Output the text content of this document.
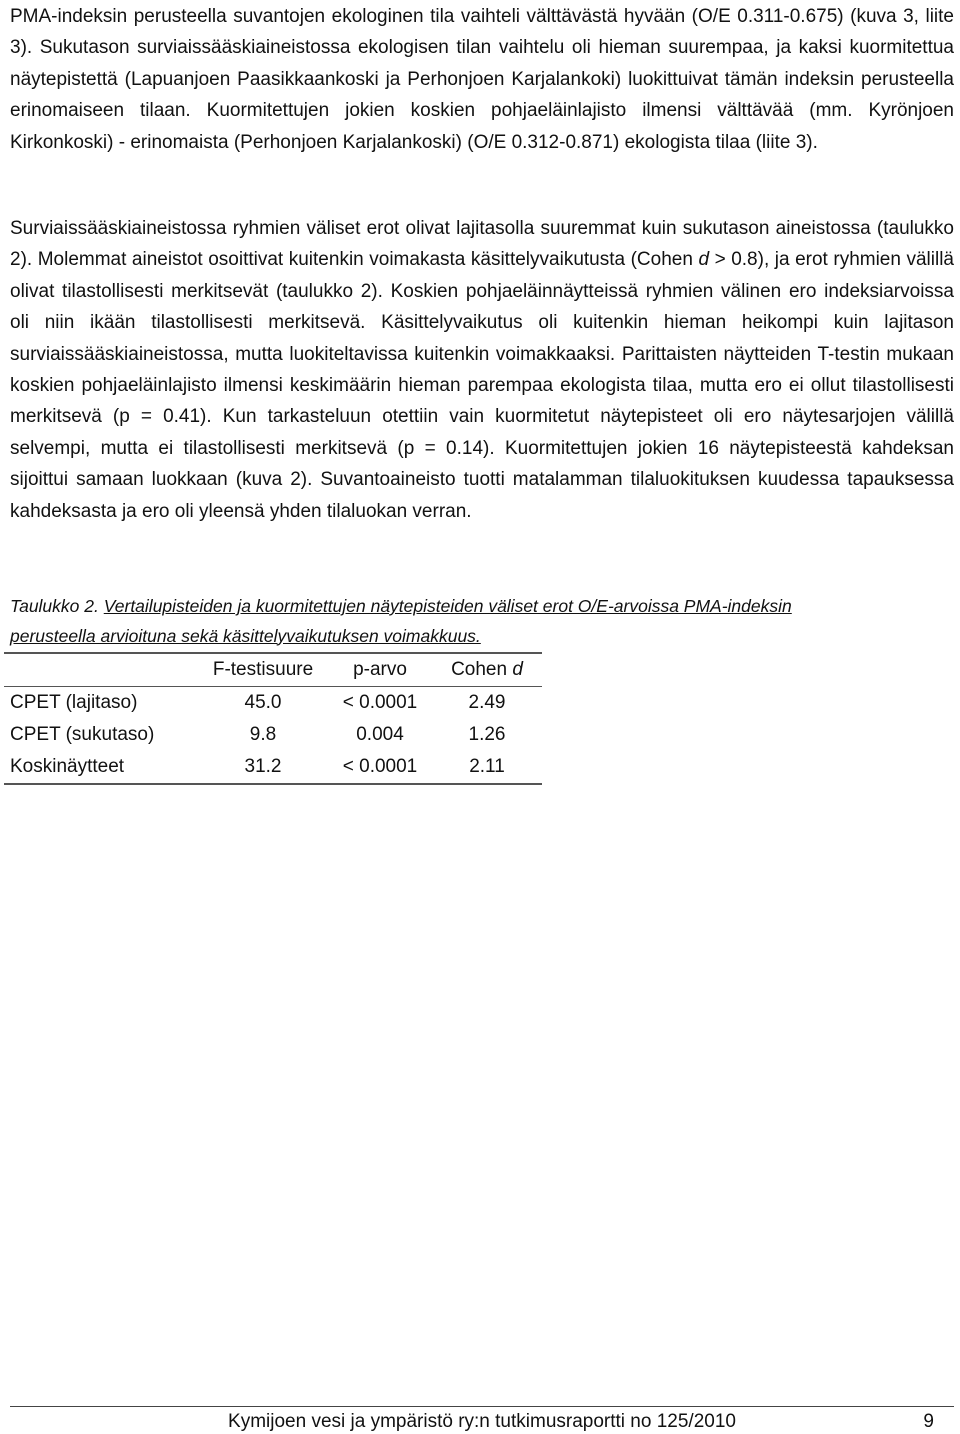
PMA-indeksin perusteella suvantojen ekologinen tila vaihteli välttävästä hyvään (O/E 0.311-0.675) (kuva 3, liite 3). Sukutason surviaissääskiaineistossa ekologisen tilan vaihtelu oli hieman suurempaa, ja kaksi kuormitettua näytepistettä (Lapuanjoen Paasikkaankoski ja Perhonjoen Karjalankoki) luokittuivat tämän indeksin perusteella erinomaiseen tilaan. Kuormitettujen jokien koskien pohjaeläinlajisto ilmensi välttävää (mm. Kyrönjoen Kirkonkoski) - erinomaista (Perhonjoen Karjalankoski) (O/E 0.312-0.871) ekologista tilaa (liite 3).

Surviaissääskiaineistossa ryhmien väliset erot olivat lajitasolla suuremmat kuin sukutason aineistossa (taulukko 2). Molemmat aineistot osoittivat kuitenkin voimakasta käsittelyvaikutusta (Cohen d > 0.8), ja erot ryhmien välillä olivat tilastollisesti merkitsevät (taulukko 2). Koskien pohjaeläinnäytteissä ryhmien välinen ero indeksiarvoissa oli niin ikään tilastollisesti merkitsevä. Käsittelyvaikutus oli kuitenkin hieman heikompi kuin lajitason surviaissääskiaineistossa, mutta luokiteltavissa kuitenkin voimakkaaksi. Parittaisten näytteiden T-testin mukaan koskien pohjaeläinlajisto ilmensi keskimäärin hieman parempaa ekologista tilaa, mutta ero ei ollut tilastollisesti merkitsevä (p = 0.41). Kun tarkasteluun otettiin vain kuormitetut näytepisteet oli ero näytesarjojen välillä selvempi, mutta ei tilastollisesti merkitsevä (p = 0.14). Kuormitettujen jokien 16 näytepisteestä kahdeksan sijoittui samaan luokkaan (kuva 2). Suvantoaineisto tuotti matalamman tilaluokituksen kuudessa tapauksessa kahdeksasta ja ero oli yleensä yhden tilaluokan verran.

Taulukko 2. Vertailupisteiden ja kuormitettujen näytepisteiden väliset erot O/E-arvoissa PMA-indeksin
perusteella arvioituna sekä käsittelyvaikutuksen voimakkuus.

	F-testisuure	p-arvo	Cohen d
CPET (lajitaso)	45.0	< 0.0001	2.49
CPET (sukutaso)	9.8	0.004	1.26
Koskinäytteet	31.2	< 0.0001	2.11
Kymijoen vesi ja ympäristö ry:n tutkimusraportti no 125/2010	9
